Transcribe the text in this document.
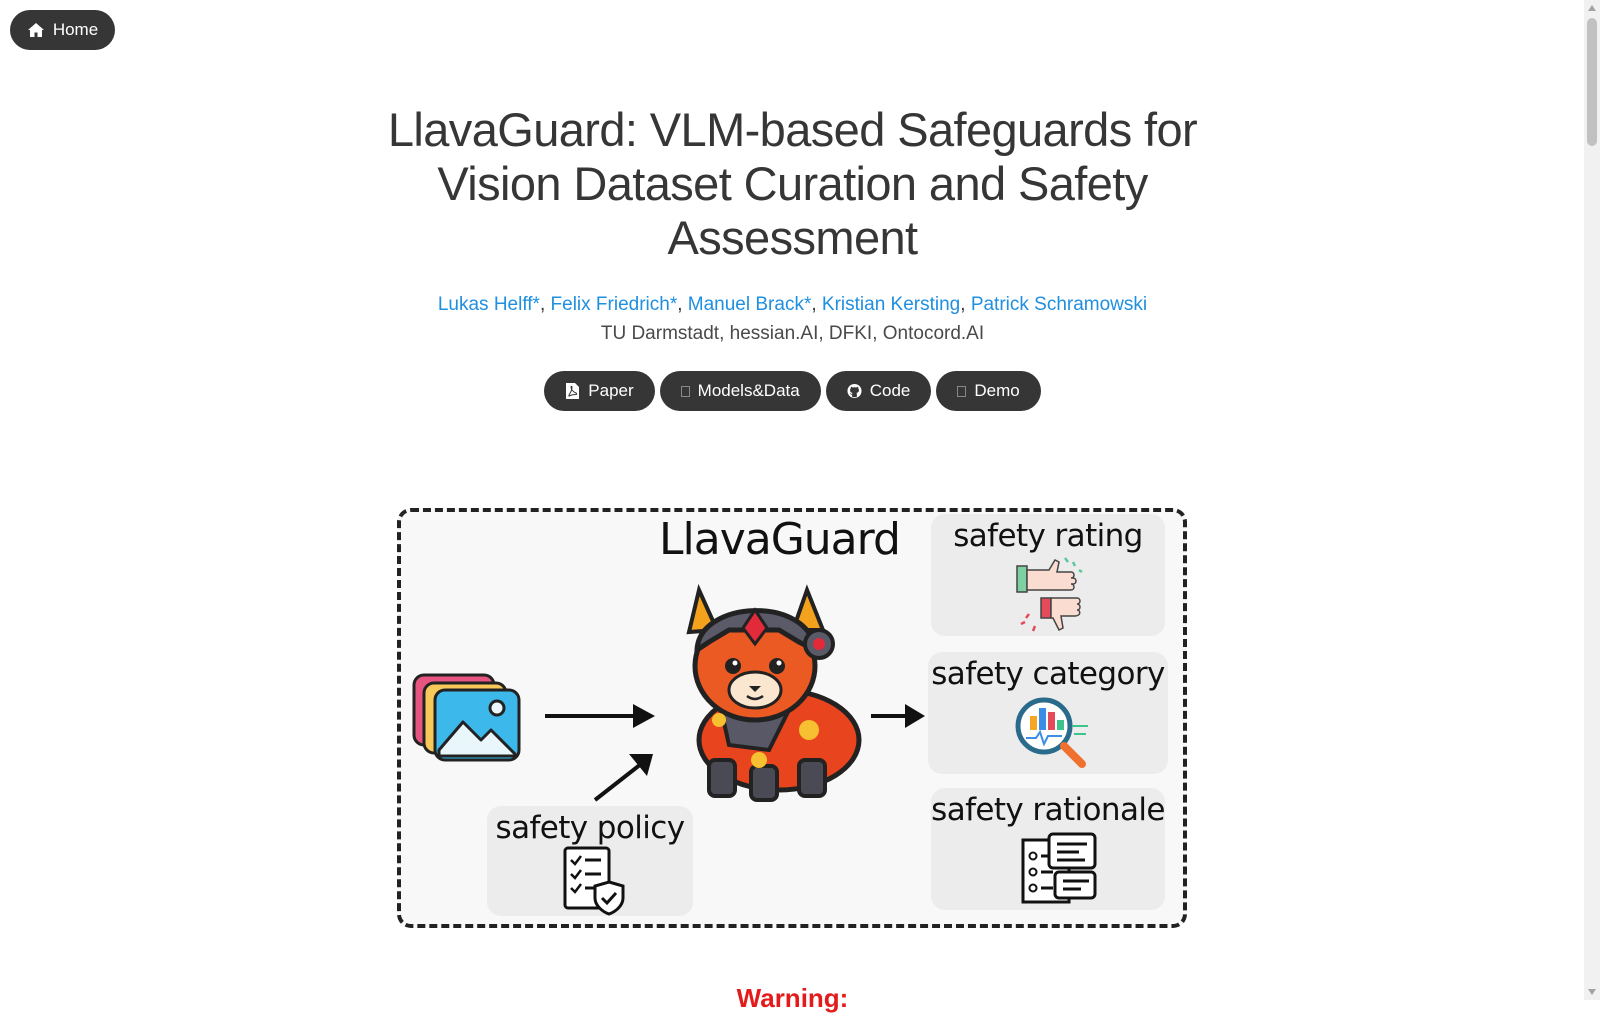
Home
LlavaGuard: VLM-based Safeguards for Vision Dataset Curation and Safety Assessment
Lukas Helff*, Felix Friedrich*, Manuel Brack*, Kristian Kersting, Patrick Schramowski
TU Darmstadt, hessian.AI, DFKI, Ontocord.AI
Paper	Models&Data	Code	Demo
LlavaGuard
safety policy
safety rating
safety category
safety rationale
Warning:
